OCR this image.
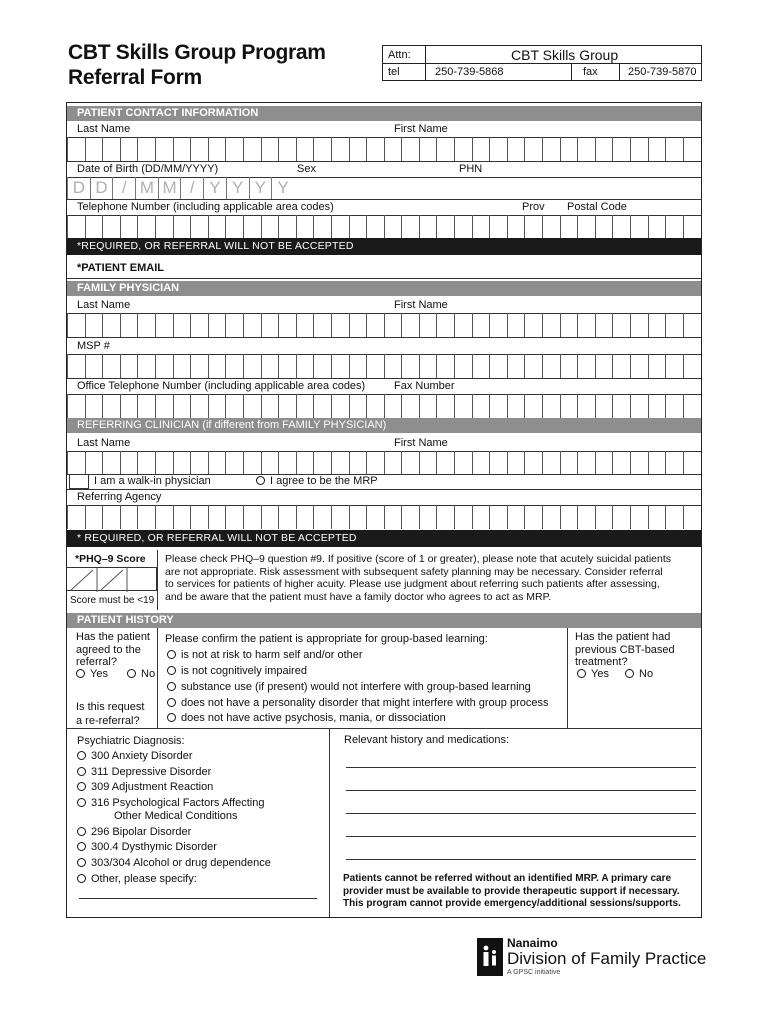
CBT Skills Group Program
Referral Form
Attn:	CBT Skills Group
tel	250-739-5868	fax	250-739-5870
PATIENT CONTACT INFORMATION
Last Name	First Name
Date of Birth (DD/MM/YYYY)	Sex	PHN
D D / M M / Y Y Y Y
Telephone Number (including applicable area codes)	Prov Postal Code
*REQUIRED, OR REFERRAL WILL NOT BE ACCEPTED
*PATIENT EMAIL
FAMILY PHYSICIAN
Last Name	First Name
MSP #
Office Telephone Number (including applicable area codes)	Fax Number
REFERRING CLINICIAN (if different from FAMILY PHYSICIAN)
Last Name	First Name
I am a walk-in physician	I agree to be the MRP
Referring Agency
* REQUIRED, OR REFERRAL WILL NOT BE ACCEPTED
*PHQ–9 Score
Score must be <19
Please check PHQ–9 question #9. If positive (score of 1 or greater), please note that acutely suicidal patients
are not appropriate. Risk assessment with subsequent safety planning may be necessary. Consider referral
to services for patients of higher acuity. Please use judgment about referring such patients after assessing,
and be aware that the patient must have a family doctor who agrees to act as MRP.
PATIENT HISTORY
Has the patient
agreed to the
referral?
Yes	No
Is this request
a re-referral?
Please confirm the patient is appropriate for group-based learning:
is not at risk to harm self and/or other
is not cognitively impaired
substance use (if present) would not interfere with group-based learning
does not have a personality disorder that might interfere with group process
does not have active psychosis, mania, or dissociation
Has the patient had
previous CBT-based
treatment?
Yes	No
Psychiatric Diagnosis:
300 Anxiety Disorder
311 Depressive Disorder
309 Adjustment Reaction
316 Psychological Factors Affecting
Other Medical Conditions
296 Bipolar Disorder
300.4 Dysthymic Disorder
303/304 Alcohol or drug dependence
Other, please specify:
Relevant history and medications:
Patients cannot be referred without an identified MRP. A primary care
provider must be available to provide therapeutic support if necessary.
This program cannot provide emergency/additional sessions/supports.
Nanaimo
Division of Family Practice
A GPSC initiative
